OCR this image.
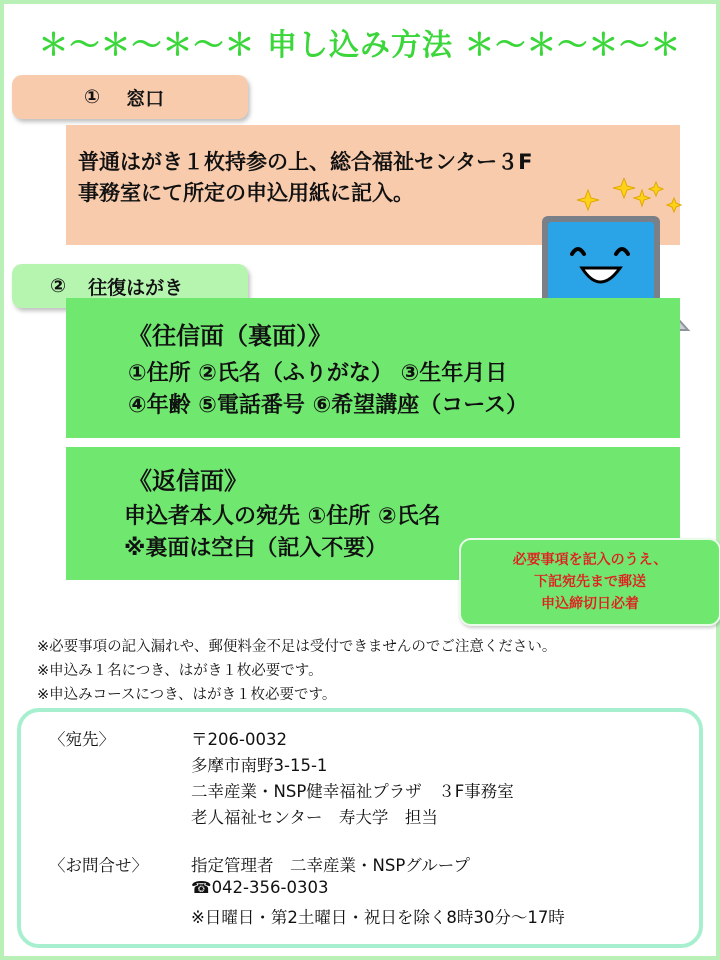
＊～＊～＊～＊ 申し込み方法 ＊～＊～＊～＊
① 窓口
普通はがき１枚持参の上、総合福祉センター３F
事務室にて所定の申込用紙に記入。
② 往復はがき
《往信面（裏面）》
①住所 ②氏名（ふりがな） ③生年月日
④年齢 ⑤電話番号 ⑥希望講座（コース）
《返信面》
申込者本人の宛先 ①住所 ②氏名
※裏面は空白（記入不要）	必要事項を記入のうえ、
下記宛先まで郵送
申込締切日必着
※必要事項の記入漏れや、郵便料金不足は受付できませんのでご注意ください。
※申込み１名につき、はがき１枚必要です。
※申込みコースにつき、はがき１枚必要です。
〈宛先〉	〒206-0032
多摩市南野3-15-1
二幸産業・NSP健幸福祉プラザ　３F事務室
老人福祉センター　寿大学　担当
〈お問合せ〉	指定管理者　二幸産業・NSPグループ
☎042-356-0303
※日曜日・第2土曜日・祝日を除く8時30分～17時
